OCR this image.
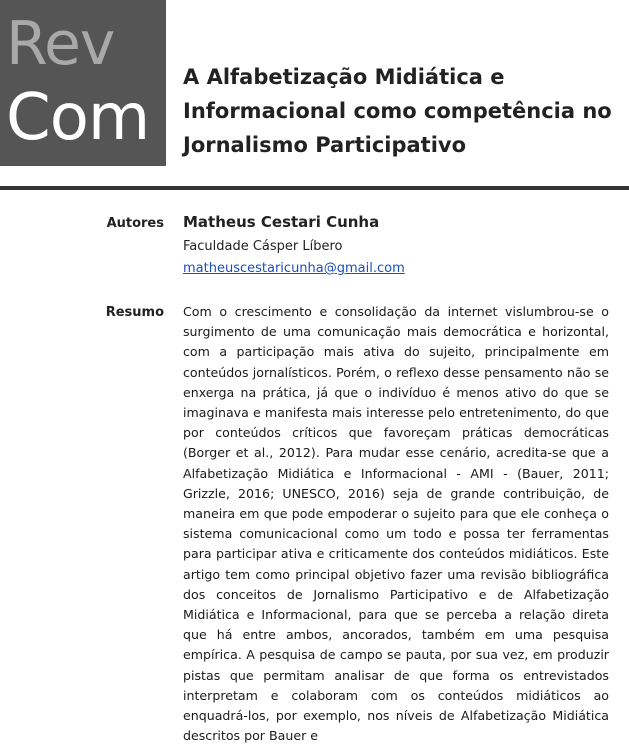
Rev
Com
A Alfabetização Midiática e Informacional como competência no Jornalismo Participativo
Autores Matheus Cestari Cunha
Faculdade Cásper Líbero
matheuscestaricunha@gmail.com
Resumo Com o crescimento e consolidação da internet vislumbrou-se o surgimento de uma comunicação mais democrática e horizontal, com a participação mais ativa do sujeito, principalmente em conteúdos jornalísticos. Porém, o reflexo desse pensamento não se enxerga na prática, já que o indivíduo é menos ativo do que se imaginava e manifesta mais interesse pelo entretenimento, do que por conteúdos críticos que favoreçam práticas democráticas (Borger et al., 2012). Para mudar esse cenário, acredita-se que a Alfabetização Midiática e Informacional - AMI - (Bauer, 2011; Grizzle, 2016; UNESCO, 2016) seja de grande contribuição, de maneira em que pode empoderar o sujeito para que ele conheça o sistema comunicacional como um todo e possa ter ferramentas para participar ativa e criticamente dos conteúdos midiáticos. Este artigo tem como principal objetivo fazer uma revisão bibliográfica dos conceitos de Jornalismo Participativo e de Alfabetização Midiática e Informacional, para que se perceba a relação direta que há entre ambos, ancorados, também em uma pesquisa empírica. A pesquisa de campo se pauta, por sua vez, em produzir pistas que permitam analisar de que forma os entrevistados interpretam e colaboram com os conteúdos midiáticos ao enquadrá-los, por exemplo, nos níveis de Alfabetização Midiática descritos por Bauer e
